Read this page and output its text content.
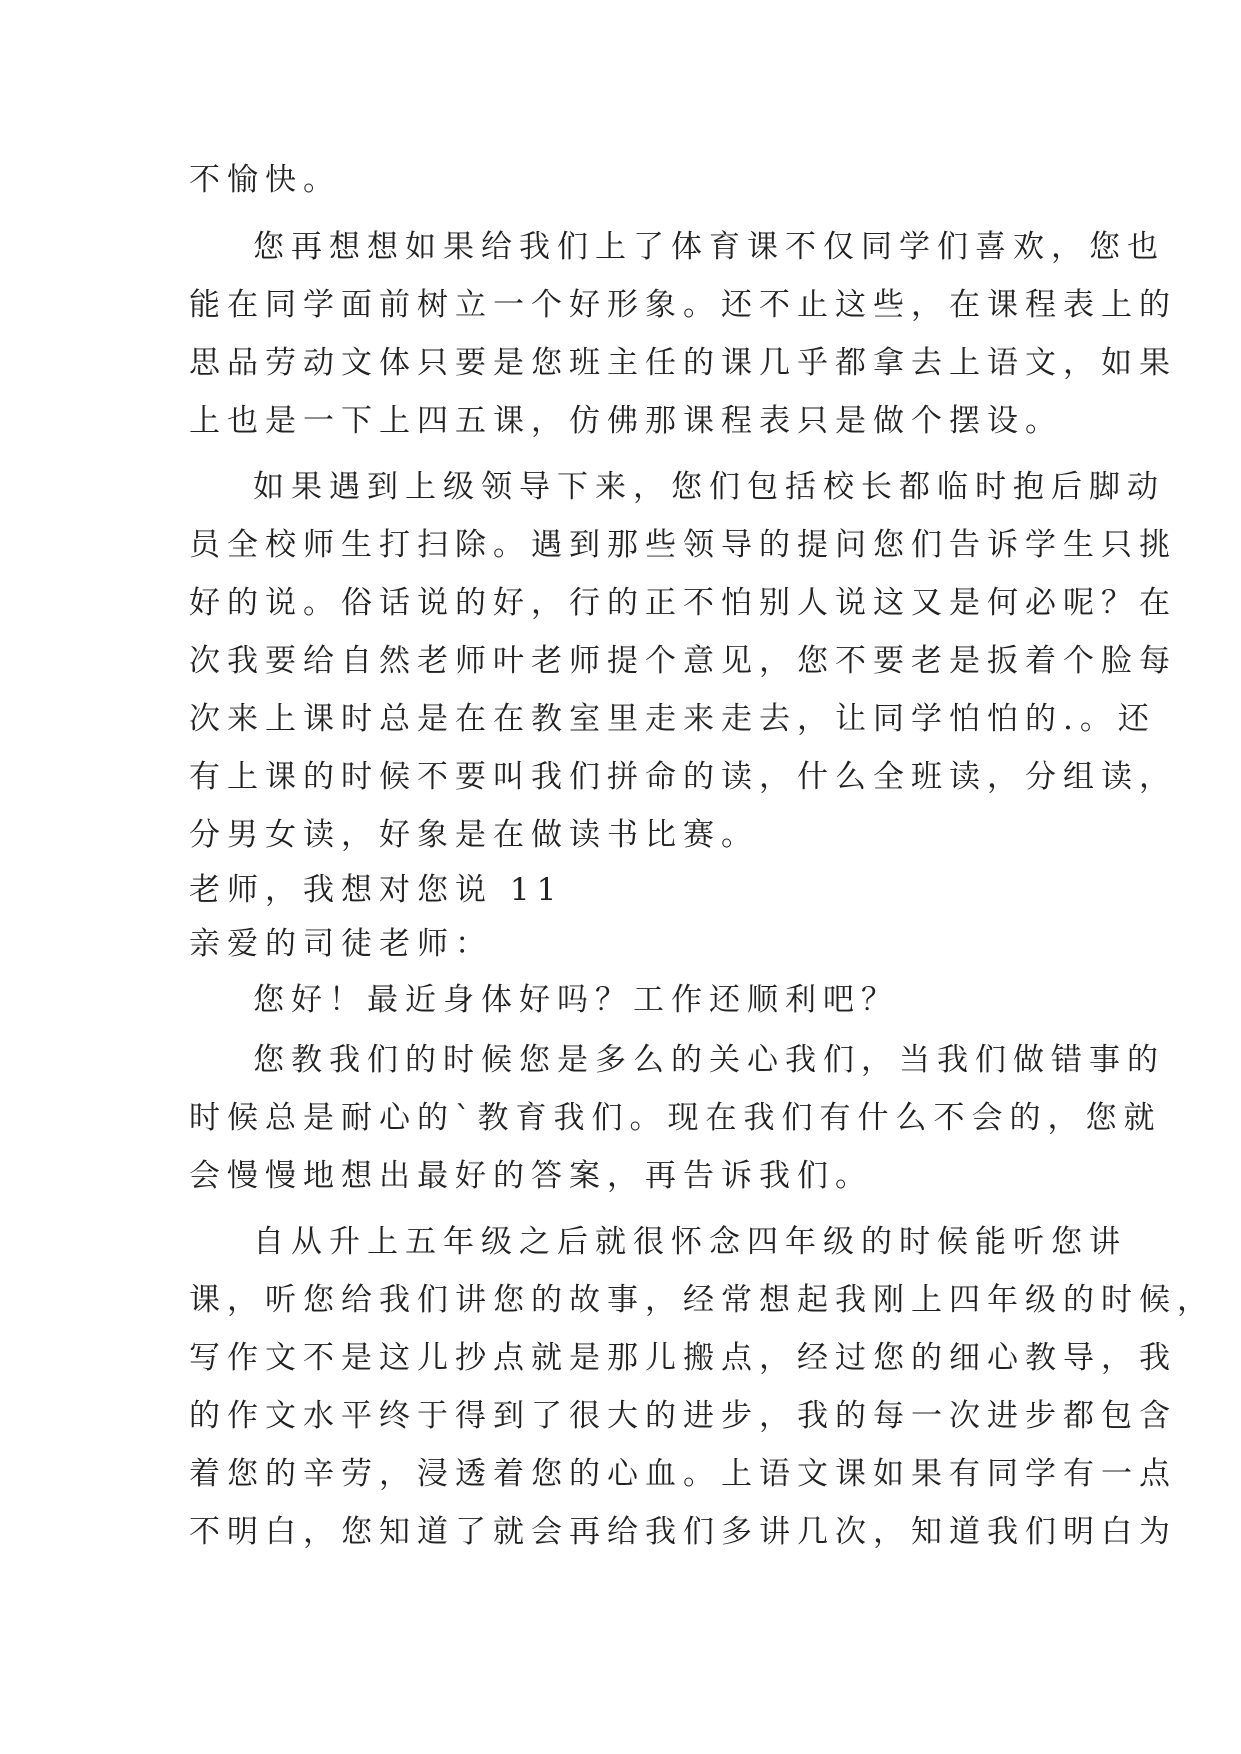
不愉快。
您再想想如果给我们上了体育课不仅同学们喜欢，您也
能在同学面前树立一个好形象。还不止这些，在课程表上的
思品劳动文体只要是您班主任的课几乎都拿去上语文，如果
上也是一下上四五课，仿佛那课程表只是做个摆设。
如果遇到上级领导下来，您们包括校长都临时抱后脚动
员全校师生打扫除。遇到那些领导的提问您们告诉学生只挑
好的说。俗话说的好，行的正不怕别人说这又是何必呢？在
次我要给自然老师叶老师提个意见，您不要老是扳着个脸每
次来上课时总是在在教室里走来走去，让同学怕怕的.。还
有上课的时候不要叫我们拼命的读，什么全班读，分组读，
分男女读，好象是在做读书比赛。
老师，我想对您说 11
亲爱的司徒老师：
您好！最近身体好吗？工作还顺利吧？
您教我们的时候您是多么的关心我们，当我们做错事的
时候总是耐心的`教育我们。现在我们有什么不会的，您就
会慢慢地想出最好的答案，再告诉我们。
自从升上五年级之后就很怀念四年级的时候能听您讲
课，听您给我们讲您的故事，经常想起我刚上四年级的时候，
写作文不是这儿抄点就是那儿搬点，经过您的细心教导，我
的作文水平终于得到了很大的进步，我的每一次进步都包含
着您的辛劳，浸透着您的心血。上语文课如果有同学有一点
不明白，您知道了就会再给我们多讲几次，知道我们明白为
